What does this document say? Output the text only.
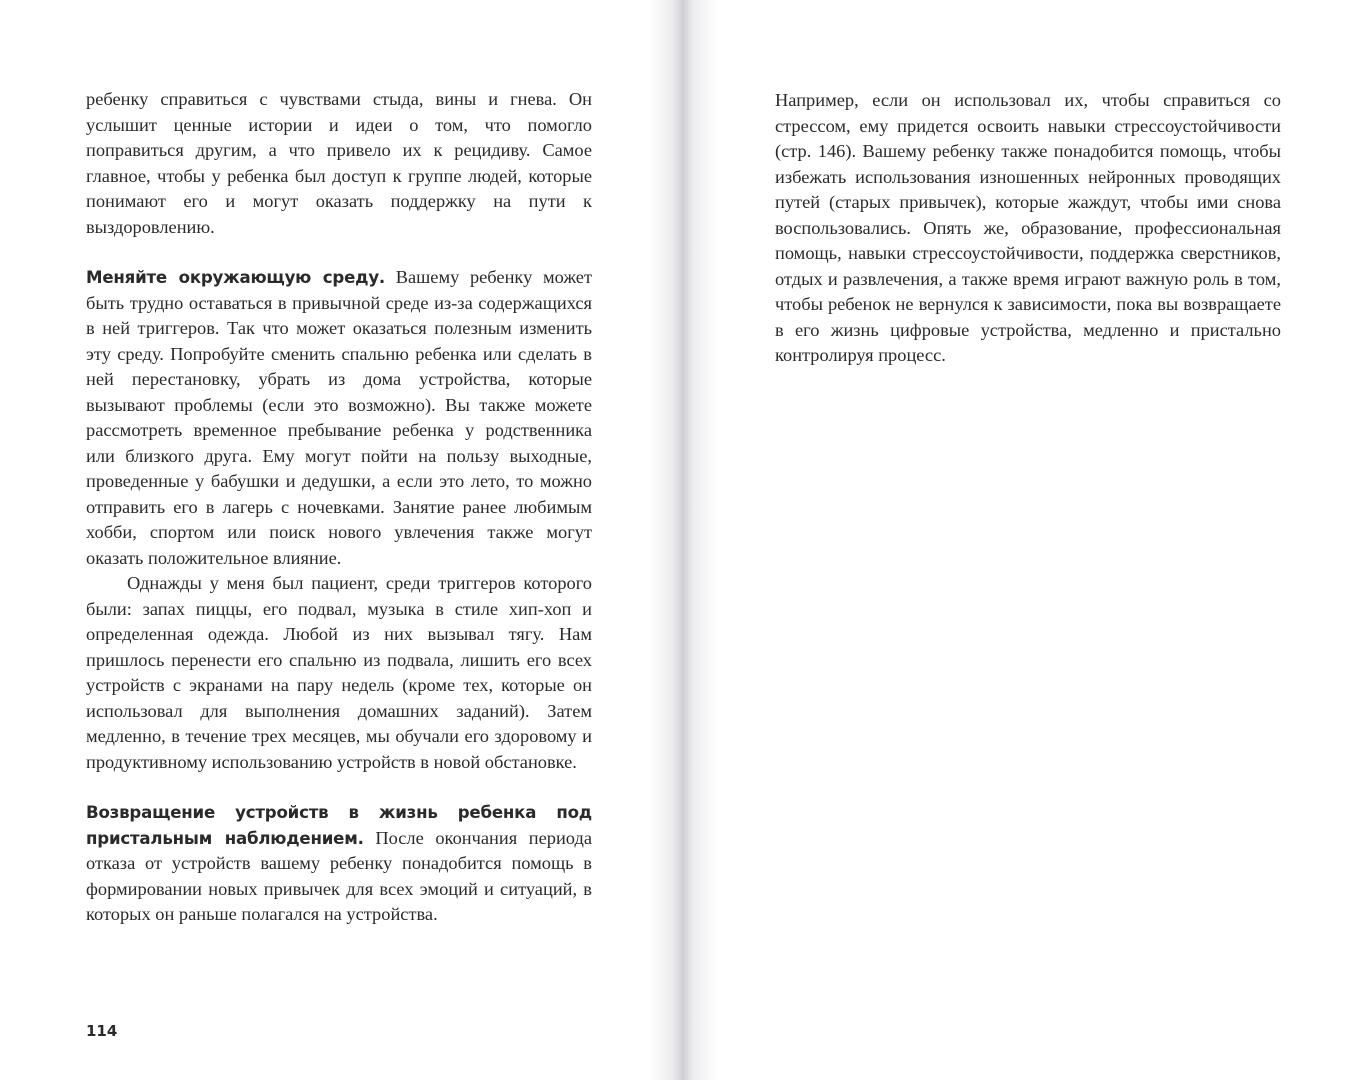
ребенку справиться с чувствами стыда, вины и гнева. Он услышит ценные истории и идеи о том, что помогло поправиться другим, а что привело их к рецидиву. Самое главное, чтобы у ребенка был доступ к группе людей, которые понимают его и могут оказать поддержку на пути к выздоровлению.

Меняйте окружающую среду. Вашему ребенку может быть трудно оставаться в привычной среде из-за содержащихся в ней триггеров. Так что может оказаться полезным изменить эту среду. Попробуйте сменить спальню ребенка или сделать в ней перестановку, убрать из дома устройства, которые вызывают проблемы (если это возможно). Вы также можете рассмотреть временное пребывание ребенка у родственника или близкого друга. Ему могут пойти на пользу выходные, проведенные у бабушки и дедушки, а если это лето, то можно отправить его в лагерь с ночевками. Занятие ранее любимым хобби, спортом или поиск нового увлечения также могут оказать положительное влияние.

Однажды у меня был пациент, среди триггеров которого были: запах пиццы, его подвал, музыка в стиле хип-хоп и определенная одежда. Любой из них вызывал тягу. Нам пришлось перенести его спальню из подвала, лишить его всех устройств с экранами на пару недель (кроме тех, которые он использовал для выполнения домашних заданий). Затем медленно, в течение трех месяцев, мы обучали его здоровому и продуктивному использованию устройств в новой обстановке.

Возвращение устройств в жизнь ребенка под пристальным наблюдением. После окончания периода отказа от устройств вашему ребенку понадобится помощь в формировании новых привычек для всех эмоций и ситуаций, в которых он раньше полагался на устройства.

114

Например, если он использовал их, чтобы справиться со стрессом, ему придется освоить навыки стрессоустойчивости (стр. 146). Вашему ребенку также понадобится помощь, чтобы избежать использования изношенных нейронных проводящих путей (старых привычек), которые жаждут, чтобы ими снова воспользовались. Опять же, образование, профессиональная помощь, навыки стрессоустойчивости, поддержка сверстников, отдых и развлечения, а также время играют важную роль в том, чтобы ребенок не вернулся к зависимости, пока вы возвращаете в его жизнь цифровые устройства, медленно и пристально контролируя процесс.
